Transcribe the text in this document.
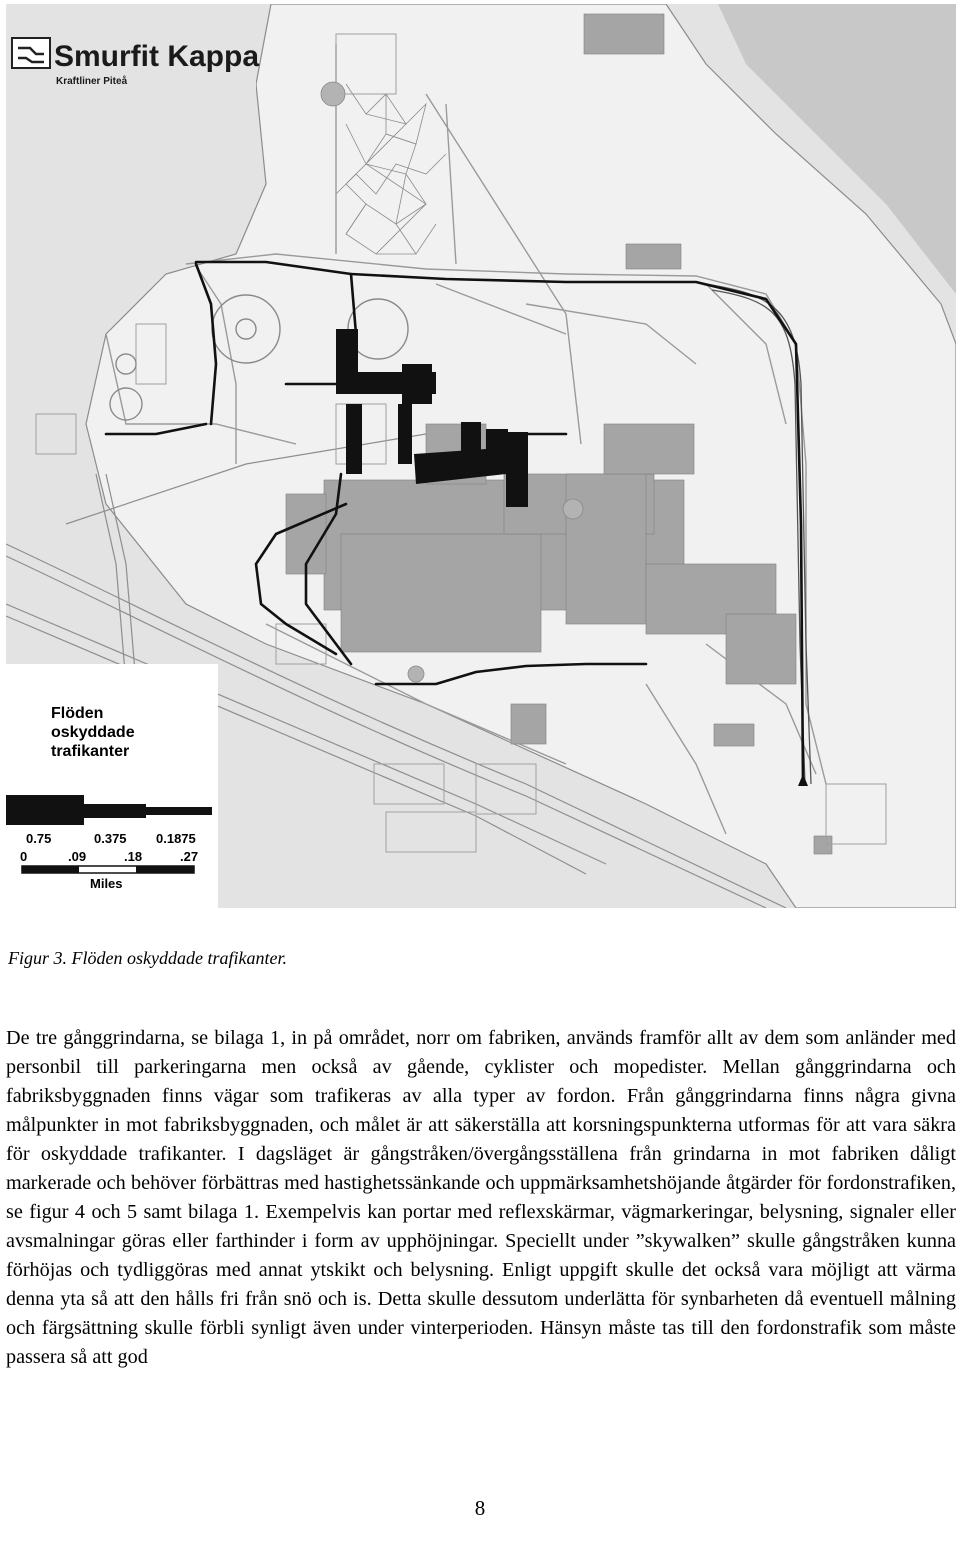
Smurfit Kappa
Kraftliner Piteå
Flöden
oskyddade
trafikanter
0.75	0.375 0.1875
0	.09	.18	.27
Miles
Figur 3. Flöden oskyddade trafikanter.

De tre gånggrindarna, se bilaga 1, in på området, norr om fabriken, används framför allt av dem som anländer med personbil till parkeringarna men också av gående, cyklister och mopedister. Mellan gånggrindarna och fabriksbyggnaden finns vägar som trafikeras av alla typer av fordon. Från gånggrindarna finns några givna målpunkter in mot fabriksbyggnaden, och målet är att säkerställa att korsningspunkterna utformas för att vara säkra för oskyddade trafikanter. I dagsläget är gångstråken/övergångsställena från grindarna in mot fabriken dåligt markerade och behöver förbättras med hastighetssänkande och uppmärksamhetshöjande åtgärder för fordonstrafiken, se figur 4 och 5 samt bilaga 1. Exempelvis kan portar med reflexskärmar, vägmarkeringar, belysning, signaler eller avsmalningar göras eller farthinder i form av upphöjningar. Speciellt under ”skywalken” skulle gångstråken kunna förhöjas och tydliggöras med annat ytskikt och belysning. Enligt uppgift skulle det också vara möjligt att värma denna yta så att den hålls fri från snö och is. Detta skulle dessutom underlätta för synbarheten då eventuell målning och färgsättning skulle förbli synligt även under vinterperioden. Hänsyn måste tas till den fordonstrafik som måste passera så att god

8
